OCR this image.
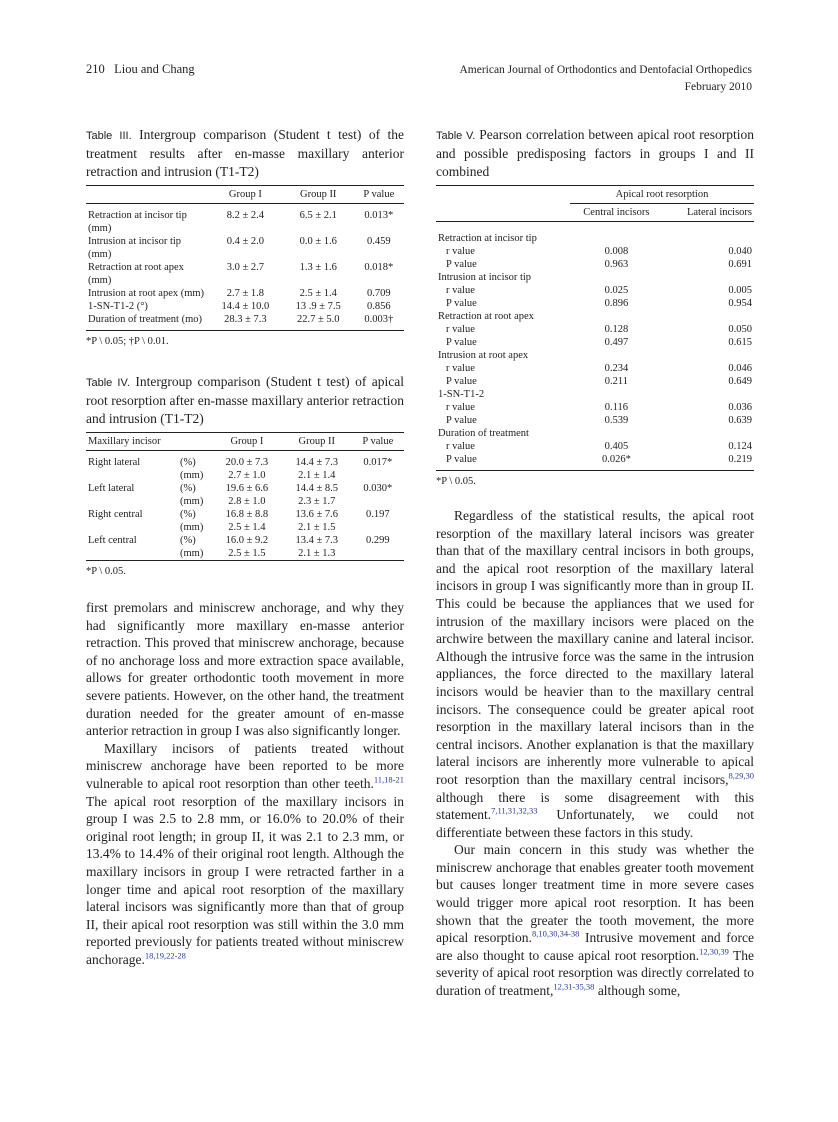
210 Liou and Chang	American Journal of Orthodontics and Dentofacial Orthopedics
February 2010
Table III. Intergroup comparison (Student t test) of the treatment results after en-masse maxillary anterior retraction and intrusion (T1-T2)
	Group I	Group II	P value

Retraction at incisor tip (mm)	8.2 ± 2.4	6.5 ± 2.1	0.013*
Intrusion at incisor tip (mm)	0.4 ± 2.0	0.0 ± 1.6	0.459
Retraction at root apex (mm)	3.0 ± 2.7	1.3 ± 1.6	0.018*
Intrusion at root apex (mm)	2.7 ± 1.8	2.5 ± 1.4	0.709
1-SN-T1-2 (°)	14.4 ± 10.0	13 .9 ± 7.5	0.856
Duration of treatment (mo)	28.3 ± 7.3	22.7 ± 5.0	0.003†
*P \ 0.05; †P \ 0.01.
Table IV. Intergroup comparison (Student t test) of apical root resorption after en-masse maxillary anterior retraction and intrusion (T1-T2)
Maxillary incisor		Group I	Group II	P value

Right lateral	(%)	20.0 ± 7.3	14.4 ± 7.3	0.017*
	(mm)	2.7 ± 1.0	2.1 ± 1.4	
Left lateral	(%)	19.6 ± 6.6	14.4 ± 8.5	0.030*
	(mm)	2.8 ± 1.0	2.3 ± 1.7	
Right central	(%)	16.8 ± 8.8	13.6 ± 7.6	0.197
	(mm)	2.5 ± 1.4	2.1 ± 1.5	
Left central	(%)	16.0 ± 9.2	13.4 ± 7.3	0.299
	(mm)	2.5 ± 1.5	2.1 ± 1.3	
*P \ 0.05.

first premolars and miniscrew anchorage, and why they had significantly more maxillary en-masse anterior retraction. This proved that miniscrew anchorage, because of no anchorage loss and more extraction space available, allows for greater orthodontic tooth movement in more severe patients. However, on the other hand, the treatment duration needed for the greater amount of en-masse anterior retraction in group I was also significantly longer.

Maxillary incisors of patients treated without miniscrew anchorage have been reported to be more vulnerable to apical root resorption than other teeth.$^{11,18-21}$ The apical root resorption of the maxillary incisors in group I was 2.5 to 2.8 mm, or 16.0% to 20.0% of their original root length; in group II, it was 2.1 to 2.3 mm, or 13.4% to 14.4% of their original root length. Although the maxillary incisors in group I were retracted farther in a longer time and apical root resorption of the maxillary lateral incisors was significantly more than that of group II, their apical root resorption was still within the 3.0 mm reported previously for patients treated without miniscrew anchorage.$^{18,19,22-28}$

Table V. Pearson correlation between apical root resorption and possible predisposing factors in groups I and II combined
	Apical root resorption	
	Central incisors	Lateral incisors

Retraction at incisor tip		
r value	0.008	0.040
P value	0.963	0.691
Intrusion at incisor tip		
r value	0.025	0.005
P value	0.896	0.954
Retraction at root apex		
r value	0.128	0.050
P value	0.497	0.615
Intrusion at root apex		
r value	0.234	0.046
P value	0.211	0.649
1-SN-T1-2		
r value	0.116	0.036
P value	0.539	0.639
Duration of treatment		
r value	0.405	0.124
P value	0.026*	0.219
*P \ 0.05.

Regardless of the statistical results, the apical root resorption of the maxillary lateral incisors was greater than that of the maxillary central incisors in both groups, and the apical root resorption of the maxillary lateral incisors in group I was significantly more than in group II. This could be because the appliances that we used for intrusion of the maxillary incisors were placed on the archwire between the maxillary canine and lateral incisor. Although the intrusive force was the same in the intrusion appliances, the force directed to the maxillary lateral incisors would be heavier than to the maxillary central incisors. The consequence could be greater apical root resorption in the maxillary lateral incisors than in the central incisors. Another explanation is that the maxillary lateral incisors are inherently more vulnerable to apical root resorption than the maxillary central incisors,$^{8,29,30}$ although there is some disagreement with this statement.$^{7,11,31,32,33}$ Unfortunately, we could not differentiate between these factors in this study.

Our main concern in this study was whether the miniscrew anchorage that enables greater tooth movement but causes longer treatment time in more severe cases would trigger more apical root resorption. It has been shown that the greater the tooth movement, the more apical resorption.$^{8,10,30,34-38}$ Intrusive movement and force are also thought to cause apical root resorption.$^{12,30,39}$ The severity of apical root resorption was directly correlated to duration of treatment,$^{12,31-35,38}$ although some,
